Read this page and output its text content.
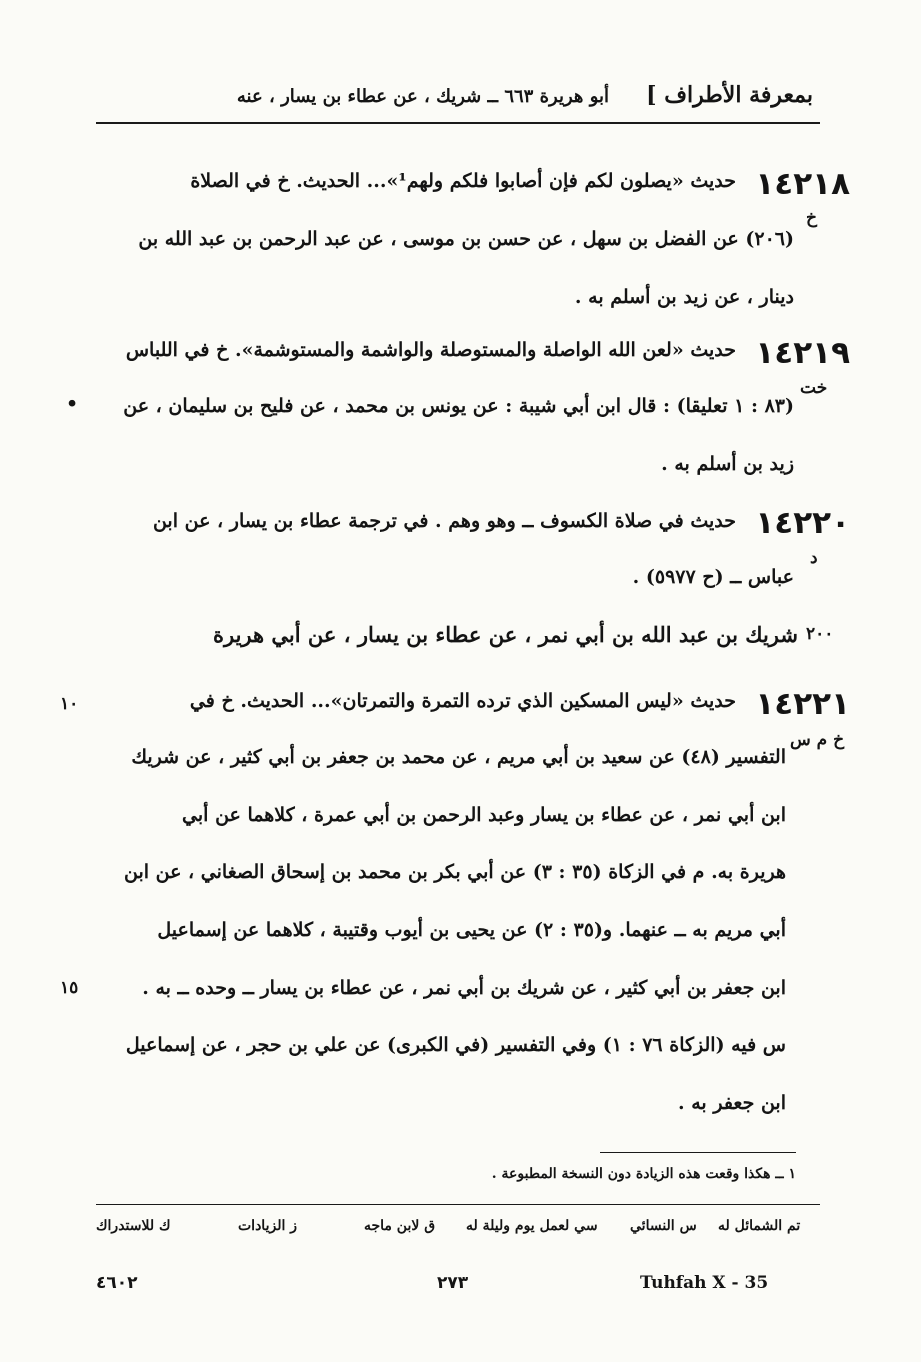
بمعرفة الأطراف ]
أبو هريرة ٦٦٣ ــ شريك ، عن عطاء بن يسار ، عنه
١٤٢١٨
حديث «يصلون لكم فإن أصابوا فلكم ولهم¹»... الحديث. خ في الصلاة
خ
(٢٠٦) عن الفضل بن سهل ، عن حسن بن موسى ، عن عبد الرحمن بن عبد الله بن
دينار ، عن زيد بن أسلم به .
١٤٢١٩
حديث «لعن الله الواصلة والمستوصلة والواشمة والمستوشمة». خ في اللباس
خت
•	(٨٣ : ١ تعليقا) : قال ابن أبي شيبة : عن يونس بن محمد ، عن فليح بن سليمان ، عن
زيد بن أسلم به .
١٤٢٢٠
حديث في صلاة الكسوف ــ وهو وهم . في ترجمة عطاء بن يسار ، عن ابن
د
عباس ــ (ح ٥٩٧٧) .
٢٠٠
شريك بن عبد الله بن أبي نمر ، عن عطاء بن يسار ، عن أبي هريرة
١٤٢٢١
١٠	حديث «ليس المسكين الذي ترده التمرة والتمرتان»... الحديث. خ في
خ م س
التفسير (٤٨) عن سعيد بن أبي مريم ، عن محمد بن جعفر بن أبي كثير ، عن شريك
ابن أبي نمر ، عن عطاء بن يسار وعبد الرحمن بن أبي عمرة ، كلاهما عن أبي
هريرة به. م في الزكاة (٣٥ : ٣) عن أبي بكر بن محمد بن إسحاق الصغاني ، عن ابن
أبي مريم به ــ عنهما. و(٣٥ : ٢) عن يحيى بن أيوب وقتيبة ، كلاهما عن إسماعيل
١٥	ابن جعفر بن أبي كثير ، عن شريك بن أبي نمر ، عن عطاء بن يسار ــ وحده ــ به .
س فيه (الزكاة ٧٦ : ١) وفي التفسير (في الكبرى) عن علي بن حجر ، عن إسماعيل
ابن جعفر به .
١ ــ هكذا وقعت هذه الزيادة دون النسخة المطبوعة .
تم الشمائل له
س النسائي
سي لعمل يوم وليلة له
ق لابن ماجه
ز الزيادات
ك للاستدراك
٤٦٠٢	٢٧٣	Tuhfah X - 35
